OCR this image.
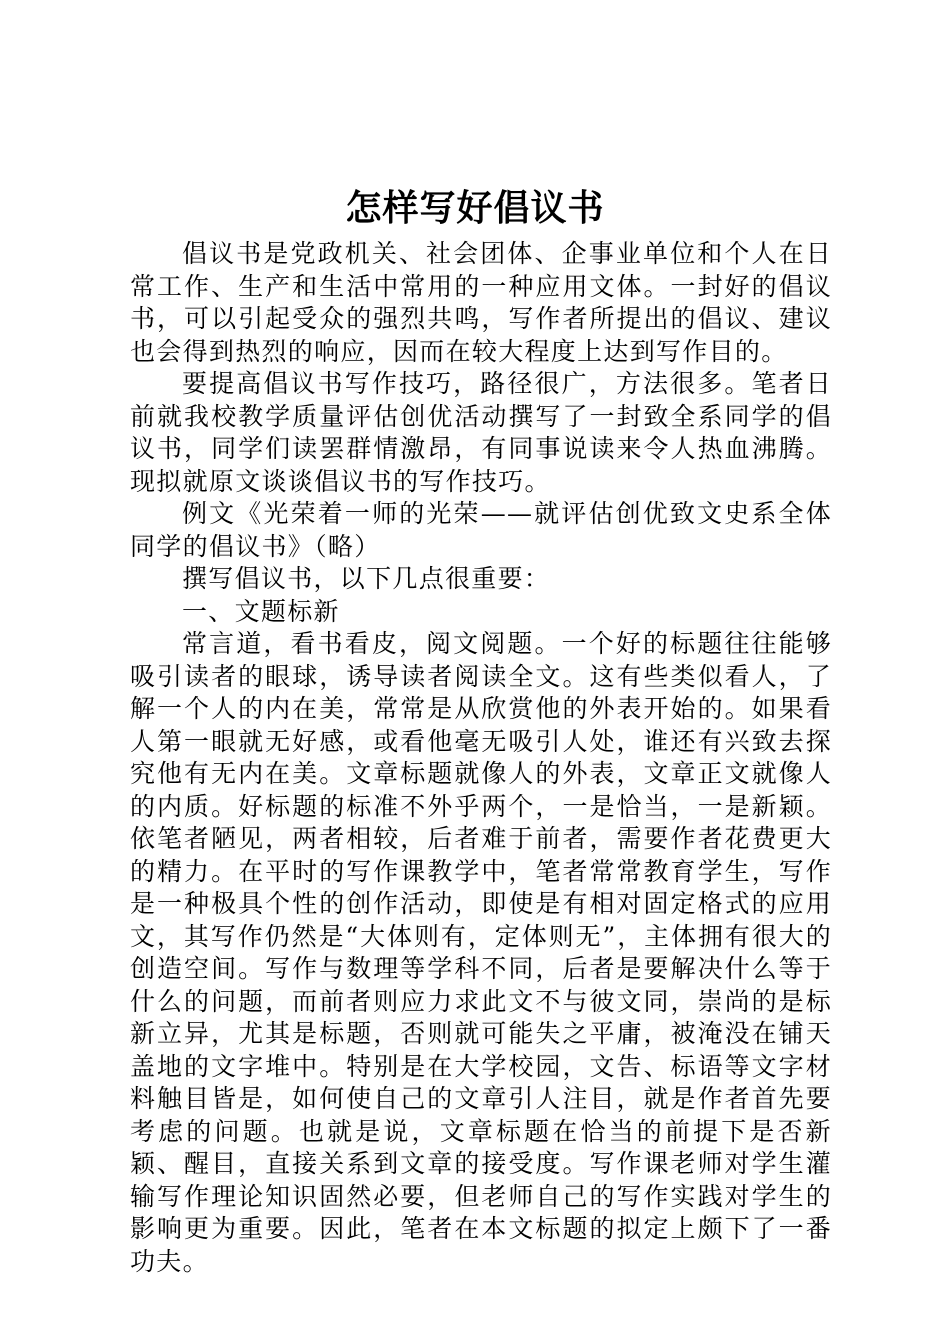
怎样写好倡议书

倡议书是党政机关、社会团体、企事业单位和个人在日常工作、生产和生活中常用的一种应用文体。一封好的倡议书，可以引起受众的强烈共鸣，写作者所提出的倡议、建议也会得到热烈的响应，因而在较大程度上达到写作目的。

要提高倡议书写作技巧，路径很广，方法很多。笔者日前就我校教学质量评估创优活动撰写了一封致全系同学的倡议书，同学们读罢群情激昂，有同事说读来令人热血沸腾。现拟就原文谈谈倡议书的写作技巧。

例文《光荣着一师的光荣——就评估创优致文史系全体同学的倡议书》（略）

撰写倡议书，以下几点很重要：

一、文题标新

常言道，看书看皮，阅文阅题。一个好的标题往往能够吸引读者的眼球，诱导读者阅读全文。这有些类似看人，了解一个人的内在美，常常是从欣赏他的外表开始的。如果看人第一眼就无好感，或看他毫无吸引人处，谁还有兴致去探究他有无内在美。文章标题就像人的外表，文章正文就像人的内质。好标题的标准不外乎两个，一是恰当，一是新颖。依笔者陋见，两者相较，后者难于前者，需要作者花费更大的精力。在平时的写作课教学中，笔者常常教育学生，写作是一种极具个性的创作活动，即使是有相对固定格式的应用文，其写作仍然是“大体则有，定体则无”，主体拥有很大的创造空间。写作与数理等学科不同，后者是要解决什么等于什么的问题，而前者则应力求此文不与彼文同，崇尚的是标新立异，尤其是标题，否则就可能失之平庸，被淹没在铺天盖地的文字堆中。特别是在大学校园，文告、标语等文字材料触目皆是，如何使自己的文章引人注目，就是作者首先要考虑的问题。也就是说，文章标题在恰当的前提下是否新颖、醒目，直接关系到文章的接受度。写作课老师对学生灌输写作理论知识固然必要，但老师自己的写作实践对学生的影响更为重要。因此，笔者在本文标题的拟定上颇下了一番功夫。
